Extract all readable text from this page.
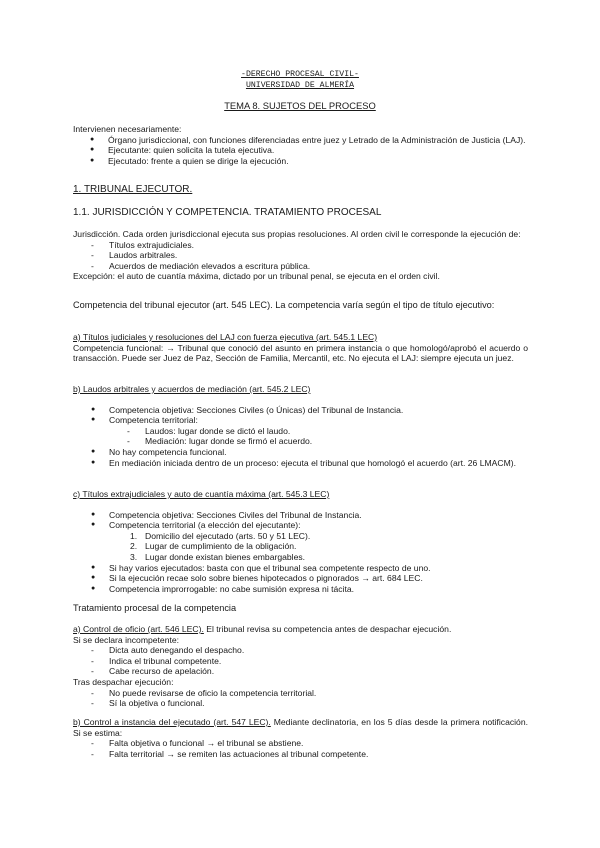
-DERECHO PROCESAL CIVIL-
UNIVERSIDAD DE ALMERÍA
TEMA 8. SUJETOS DEL PROCESO

Intervienen necesariamente:

● Órgano jurisdiccional, con funciones diferenciadas entre juez y Letrado de la Administración de Justicia (LAJ).
● Ejecutante: quien solicita la tutela ejecutiva.
● Ejecutado: frente a quien se dirige la ejecución.
1. TRIBUNAL EJECUTOR.
1.1. JURISDICCIÓN Y COMPETENCIA. TRATAMIENTO PROCESAL

Jurisdicción. Cada orden jurisdiccional ejecuta sus propias resoluciones. Al orden civil le corresponde la ejecución de:

- Títulos extrajudiciales.
- Laudos arbitrales.
- Acuerdos de mediación elevados a escritura pública.

Excepción: el auto de cuantía máxima, dictado por un tribunal penal, se ejecuta en el orden civil.

Competencia del tribunal ejecutor (art. 545 LEC). La competencia varía según el tipo de título ejecutivo:

a) Títulos judiciales y resoluciones del LAJ con fuerza ejecutiva (art. 545.1 LEC)

Competencia funcional: → Tribunal que conoció del asunto en primera instancia o que homologó/aprobó el acuerdo o transacción. Puede ser Juez de Paz, Sección de Familia, Mercantil, etc. No ejecuta el LAJ: siempre ejecuta un juez.

b) Laudos arbitrales y acuerdos de mediación (art. 545.2 LEC)

● Competencia objetiva: Secciones Civiles (o Únicas) del Tribunal de Instancia.
● Competencia territorial:
- Laudos: lugar donde se dictó el laudo.
- Mediación: lugar donde se firmó el acuerdo.
● No hay competencia funcional.
● En mediación iniciada dentro de un proceso: ejecuta el tribunal que homologó el acuerdo (art. 26 LMACM).

c) Títulos extrajudiciales y auto de cuantía máxima (art. 545.3 LEC)

● Competencia objetiva: Secciones Civiles del Tribunal de Instancia.
● Competencia territorial (a elección del ejecutante):
1. Domicilio del ejecutado (arts. 50 y 51 LEC).
2. Lugar de cumplimiento de la obligación.
3. Lugar donde existan bienes embargables.
● Si hay varios ejecutados: basta con que el tribunal sea competente respecto de uno.
● Si la ejecución recae solo sobre bienes hipotecados o pignorados → art. 684 LEC.
● Competencia improrrogable: no cabe sumisión expresa ni tácita.
Tratamiento procesal de la competencia

a) Control de oficio (art. 546 LEC). El tribunal revisa su competencia antes de despachar ejecución.

Si se declara incompetente:

- Dicta auto denegando el despacho.
- Indica el tribunal competente.
- Cabe recurso de apelación.

Tras despachar ejecución:

- No puede revisarse de oficio la competencia territorial.
- Sí la objetiva o funcional.

b) Control a instancia del ejecutado (art. 547 LEC). Mediante declinatoria, en los 5 días desde la primera notificación. Si se estima:

- Falta objetiva o funcional → el tribunal se abstiene.
- Falta territorial → se remiten las actuaciones al tribunal competente.
